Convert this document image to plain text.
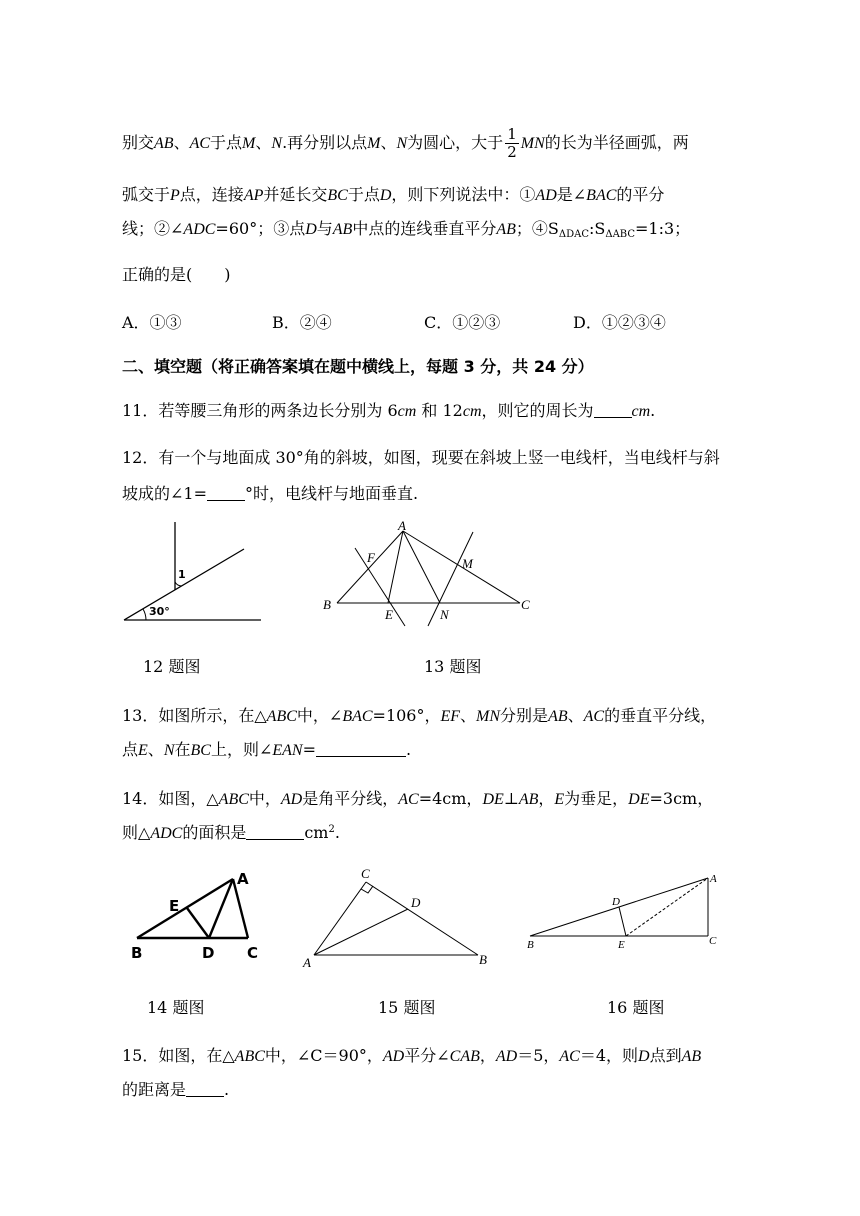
别交AB、AC于点M、N.再分别以点M、N为圆心，大于 $\frac{1}{2}$ MN的长为半径画弧，两
弧交于P点，连接AP并延长交BC于点D，则下列说法中：①AD是∠BAC的平分
线；②∠ADC=60°；③点D与AB中点的连线垂直平分AB；$④S_{\Delta DAC}:S_{\Delta ABC}=1:3$；
正确的是(　　)
A．①③	B．②④	C．①②③	D．①②③④
二、填空题（将正确答案填在题中横线上，每题 3 分，共 24 分）
11．若等腰三角形的两条边长分别为 6cm 和 12cm，则它的周长为 cm.
12．有一个与地面成 30°角的斜坡，如图，现要在斜坡上竖一电线杆，当电线杆与斜
坡成的∠1= °时，电线杆与地面垂直.
1
30°
12 题图
A
B	C
E
F	M
N
13 题图
13．如图所示，在△ABC中，∠BAC=106°，EF、MN分别是AB、AC的垂直平分线，
点E、N在BC上，则∠EAN=	.
14．如图，△ABC中，AD是角平分线，AC=4cm，DE⊥AB，E为垂足，DE=3cm，
则△ADC的面积是	$cm^2$.
A
B	C
D
E
14 题图
C
A	B
D
15 题图
A
B	C
D
E
16 题图
15．如图，在△ABC中，∠C＝90°，AD平分∠CAB，AD＝5，AC＝4，则D点到AB
的距离是 .
